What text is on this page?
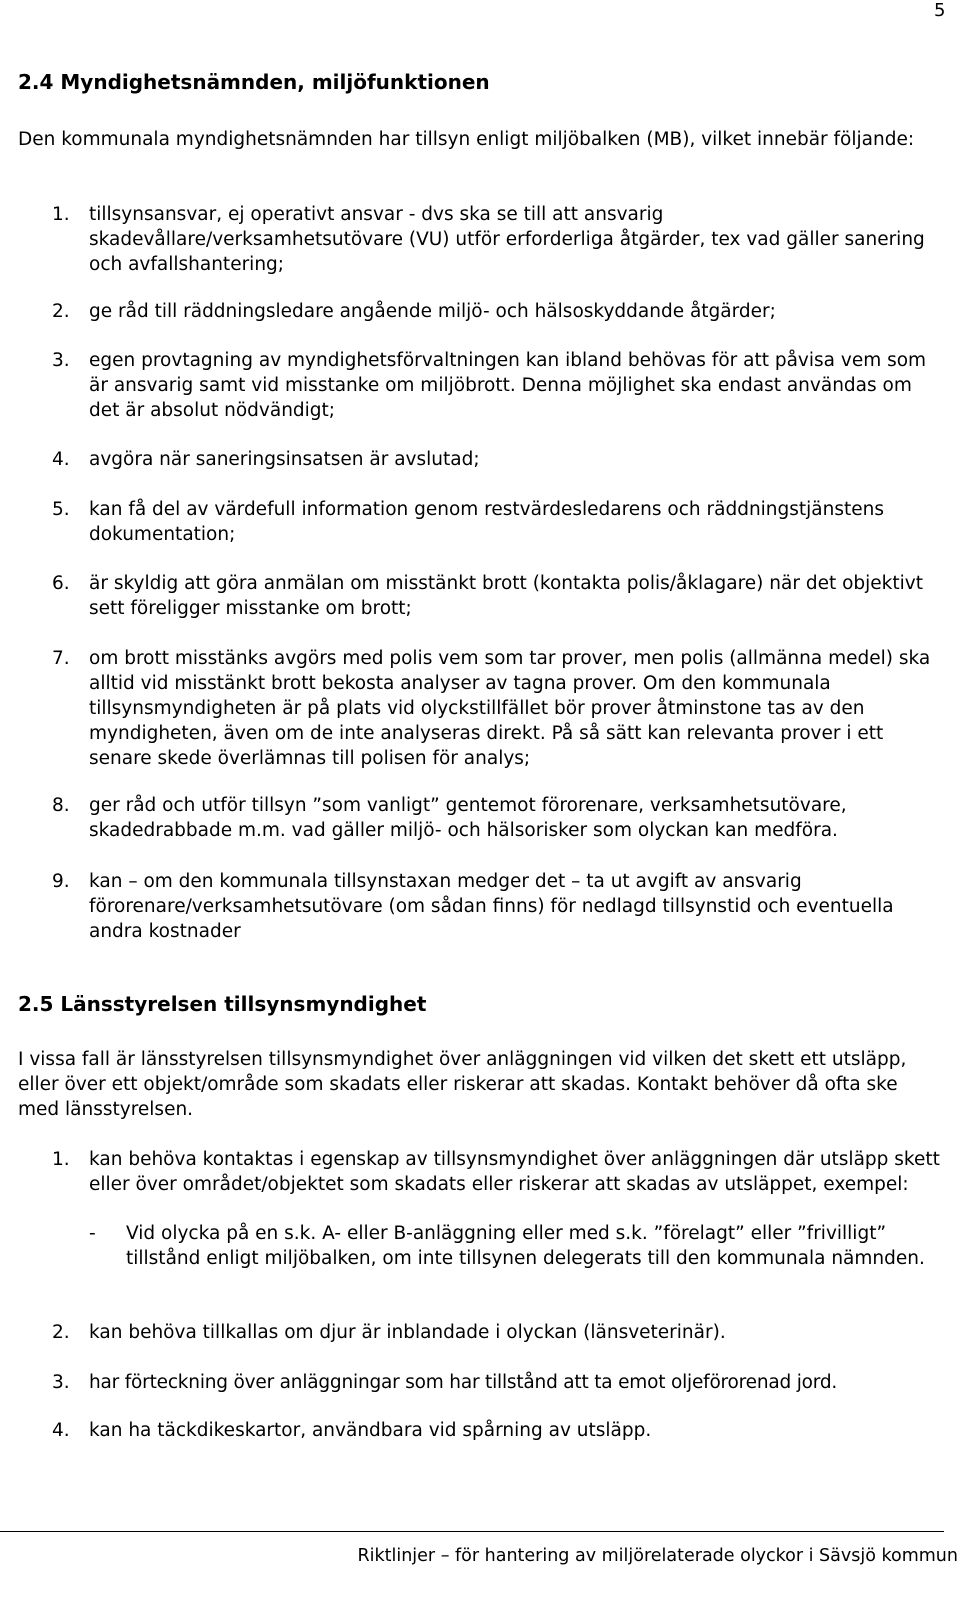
5
2.4 Myndighetsnämnden, miljöfunktionen
Den kommunala myndighetsnämnden har tillsyn enligt miljöbalken (MB), vilket innebär följande:
1.	tillsynsansvar, ej operativt ansvar - dvs ska se till att ansvarig skadevållare/verksamhetsutövare (VU) utför erforderliga åtgärder, tex vad gäller sanering och avfallshantering;
2.	ge råd till räddningsledare angående miljö- och hälsoskyddande åtgärder;
3.	egen provtagning av myndighetsförvaltningen kan ibland behövas för att påvisa vem som är ansvarig samt vid misstanke om miljöbrott. Denna möjlighet ska endast användas om det är absolut nödvändigt;
4.	avgöra när saneringsinsatsen är avslutad;
5.	kan få del av värdefull information genom restvärdesledarens och räddningstjänstens dokumentation;
6.	är skyldig att göra anmälan om misstänkt brott (kontakta polis/åklagare) när det objektivt sett föreligger misstanke om brott;
7.	om brott misstänks avgörs med polis vem som tar prover, men polis (allmänna medel) ska alltid vid misstänkt brott bekosta analyser av tagna prover. Om den kommunala tillsynsmyndigheten är på plats vid olyckstillfället bör prover åtminstone tas av den myndigheten, även om de inte analyseras direkt. På så sätt kan relevanta prover i ett senare skede överlämnas till polisen för analys;
8.	ger råd och utför tillsyn ”som vanligt” gentemot förorenare, verksamhetsutövare, skadedrabbade m.m. vad gäller miljö- och hälsorisker som olyckan kan medföra.
9.	kan – om den kommunala tillsynstaxan medger det – ta ut avgift av ansvarig förorenare/verksamhetsutövare (om sådan finns) för nedlagd tillsynstid och eventuella andra kostnader
2.5 Länsstyrelsen tillsynsmyndighet
I vissa fall är länsstyrelsen tillsynsmyndighet över anläggningen vid vilken det skett ett utsläpp, eller över ett objekt/område som skadats eller riskerar att skadas. Kontakt behöver då ofta ske med länsstyrelsen.
1.	kan behöva kontaktas i egenskap av tillsynsmyndighet över anläggningen där utsläpp skett eller över området/objektet som skadats eller riskerar att skadas av utsläppet, exempel:
- Vid olycka på en s.k. A- eller B-anläggning eller med s.k. ”förelagt” eller ”frivilligt” tillstånd enligt miljöbalken, om inte tillsynen delegerats till den kommunala nämnden.
2.	kan behöva tillkallas om djur är inblandade i olyckan (länsveterinär).
3.	har förteckning över anläggningar som har tillstånd att ta emot oljeförorenad jord.
4.	kan ha täckdikeskartor, användbara vid spårning av utsläpp.
Riktlinjer – för hantering av miljörelaterade olyckor i Sävsjö kommun
